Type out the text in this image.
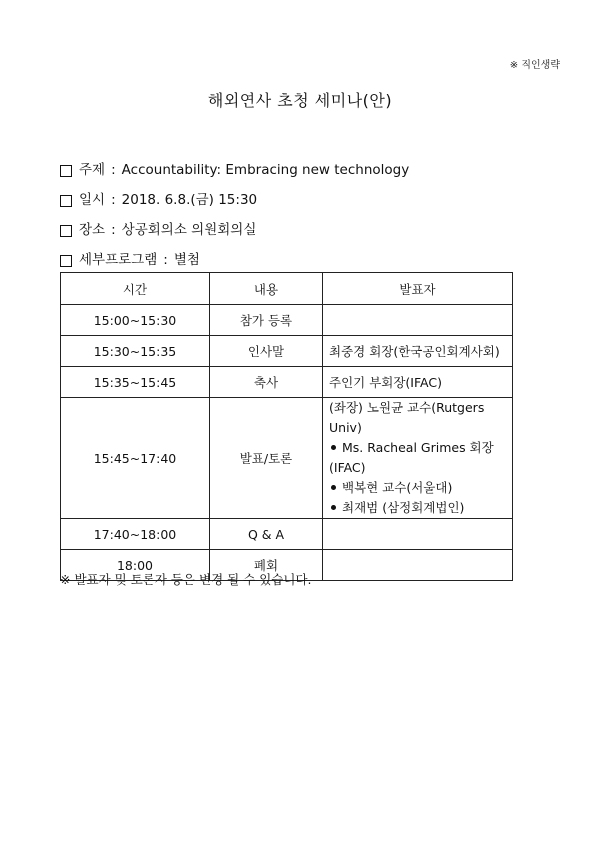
※ 직인생략
해외연사 초청 세미나(안)
주제 : Accountability: Embracing new technology
일시 : 2018. 6.8.(금) 15:30
장소 : 상공회의소 의원회의실
세부프로그램 : 별첨
시간	내용	발표자
15:00~15:30	참가 등록	
15:30~15:35	인사말	최중경 회장(한국공인회계사회)
15:35~15:45	축사	주인기 부회장(IFAC)
15:45~17:40	발표/토론	(좌장) 노원균 교수(Rutgers Univ)
Ms. Racheal Grimes 회장(IFAC)
백복현 교수(서울대)
최재범 (삼정회계법인)

17:40~18:00	Q & A	
18:00	폐회	
※ 발표자 및 토론자 등은 변경 될 수 있습니다.
